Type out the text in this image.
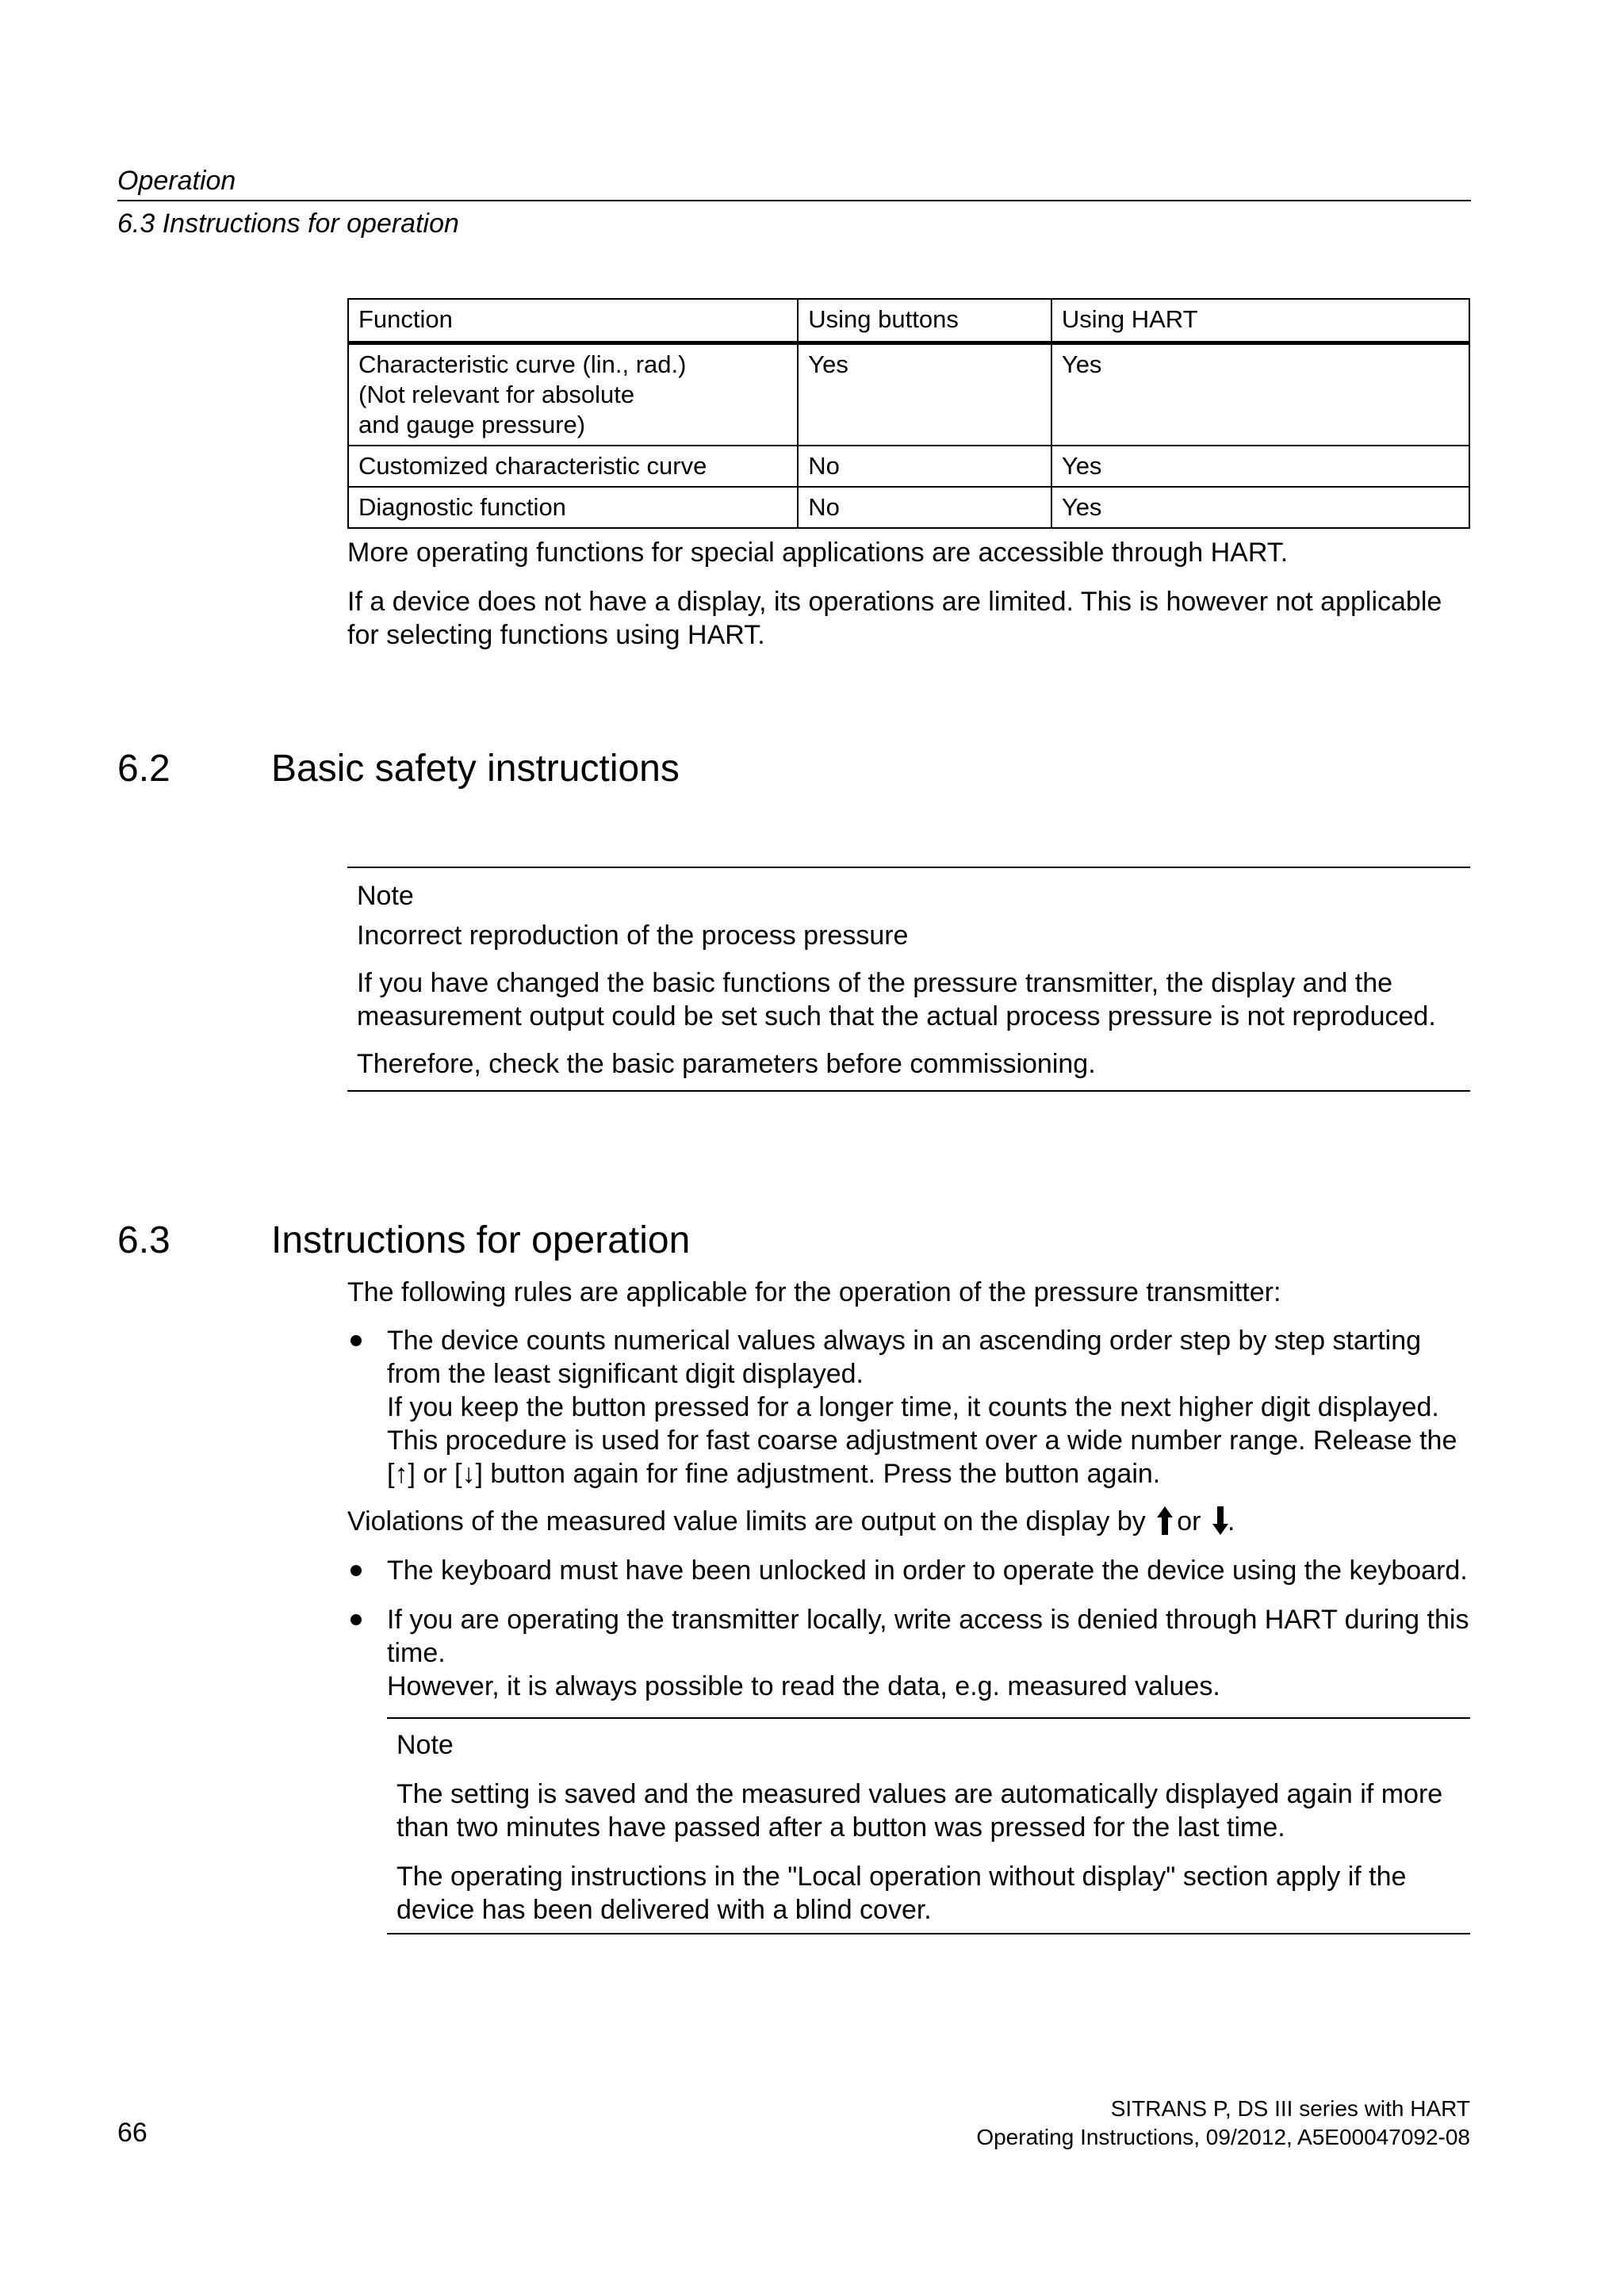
Operation
6.3 Instructions for operation
Function	Using buttons	Using HART

Characteristic curve (lin., rad.)
(Not relevant for absolute
and gauge pressure)	Yes	Yes
Customized characteristic curve	No	Yes
Diagnostic function	No	Yes
More operating functions for special applications are accessible through HART.
If a device does not have a display, its operations are limited. This is however not applicable
for selecting functions using HART.
6.2	Basic safety instructions

Note

Incorrect reproduction of the process pressure

If you have changed the basic functions of the pressure transmitter, the display and the
measurement output could be set such that the actual process pressure is not reproduced.

Therefore, check the basic parameters before commissioning.

6.3	Instructions for operation
The following rules are applicable for the operation of the pressure transmitter:
The device counts numerical values always in an ascending order step by step starting
from the least significant digit displayed.
If you keep the button pressed for a longer time, it counts the next higher digit displayed.
This procedure is used for fast coarse adjustment over a wide number range. Release the
[↑] or [↓] button again for fine adjustment. Press the button again.
Violations of the measured value limits are output on the display by or .
The keyboard must have been unlocked in order to operate the device using the keyboard.
If you are operating the transmitter locally, write access is denied through HART during this
time.
However, it is always possible to read the data, e.g. measured values.

Note

The setting is saved and the measured values are automatically displayed again if more
than two minutes have passed after a button was pressed for the last time.

The operating instructions in the "Local operation without display" section apply if the
device has been delivered with a blind cover.

66
SITRANS P, DS III series with HART
Operating Instructions, 09/2012, A5E00047092-08
